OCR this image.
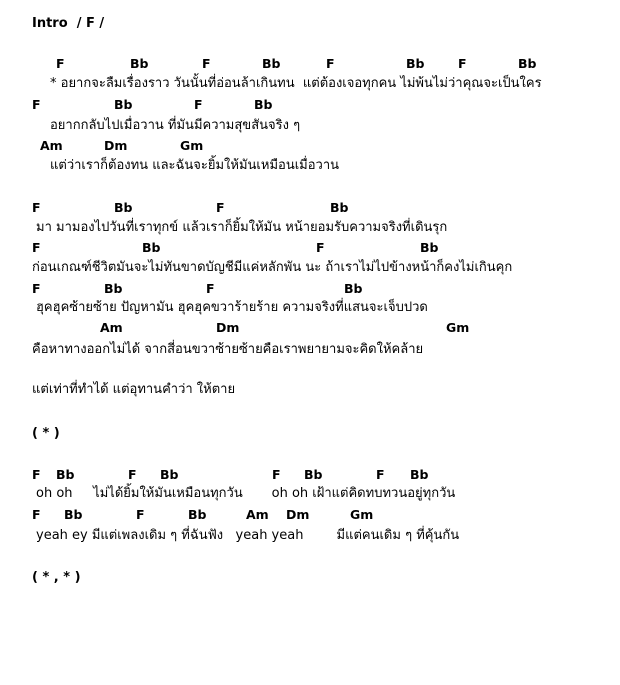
Intro  / F /

F

	Bb

	F

	Bb

	F

	Bb

	F

	Bb

* อยากจะลืมเรื่องราว วันนั้นที่อ่อนล้าเกินทน  แต่ต้องเจอทุกคน ไม่พ้นไม่ว่าคุณจะเป็นใคร

F

	Bb

	F

	Bb

อยากกลับไปเมื่อวาน ที่มันมีความสุขสันจริง ๆ

Am

	Dm

	Gm

แต่ว่าเราก็ต้องทน และฉันจะยิ้มให้มันเหมือนเมื่อวาน

F

	Bb

	F

	Bb

มา มามองไปวันที่เราทุกข์ แล้วเราก็ยิ้มให้มัน หน้ายอมรับความจริงที่เดินรุก

F

	Bb

	F

	Bb

ก่อนเกณฑ์ชีวิตมันจะไม่ทันขาดบัญชีมีแค่หลักพัน นะ ถ้าเราไม่ไปข้างหน้าก็คงไม่เกินคุก

F

	Bb

	F

	Bb

ฮุคฮุคซ้ายซ้าย ปัญหามัน ฮุคฮุคขวาร้ายร้าย ความจริงที่แสนจะเจ็บปวด

Am

	Dm

	Gm

คือหาทางออกไม่ได้ จากสี่อนขวาซ้ายซ้ายคือเราพยายามจะคิดให้คล้าย

แต่เท่าที่ทำได้ แต่อุทานคำว่า ให้ตาย

( * )

F

Bb

	F

Bb

	F

Bb

	F

Bb

oh oh     ไม่ได้ยิ้มให้มันเหมือนทุกวัน       oh oh เฝ้าแต่คิดทบทวนอยู่ทุกวัน

F

Bb

	F

	Bb

	Am

Dm

	Gm

yeah ey มีแต่เพลงเดิม ๆ ที่ฉันฟัง   yeah yeah        มีแต่คนเดิม ๆ ที่คุ้นกัน

( * , * )
